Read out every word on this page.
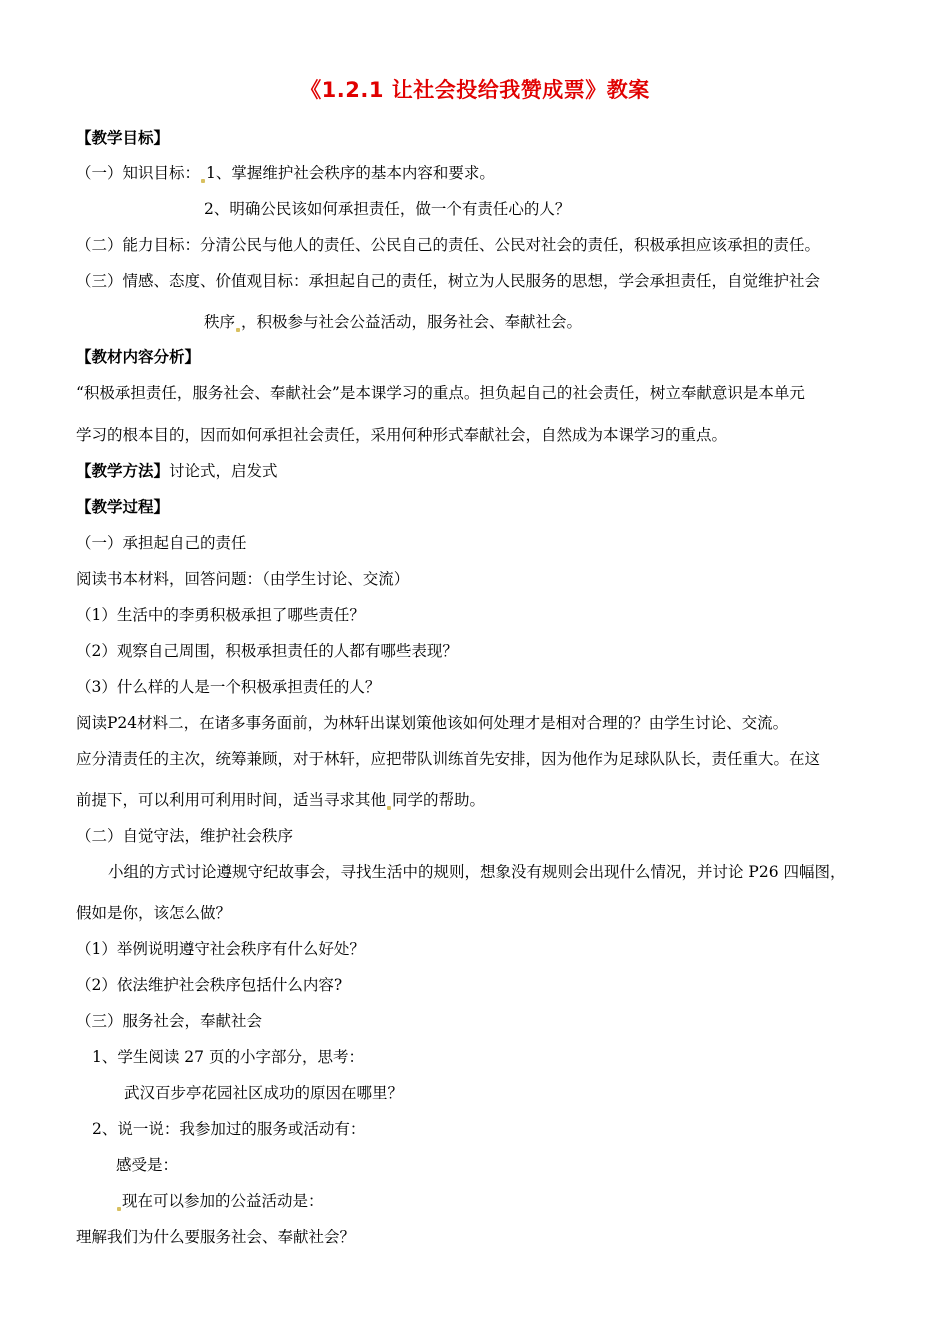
《1.2.1 让社会投给我赞成票》教案
【教学目标】
（一）知识目标： 1、掌握维护社会秩序的基本内容和要求。
2、明确公民该如何承担责任，做一个有责任心的人？
（二）能力目标：分清公民与他人的责任、公民自己的责任、公民对社会的责任，积极承担应该承担的责任。
（三）情感、态度、价值观目标：承担起自己的责任，树立为人民服务的思想，学会承担责任，自觉维护社会
秩序 ，积极参与社会公益活动，服务社会、奉献社会。
【教材内容分析】
“积极承担责任，服务社会、奉献社会”是本课学习的重点。担负起自己的社会责任，树立奉献意识是本单元
学习的根本目的，因而如何承担社会责任，采用何种形式奉献社会，自然成为本课学习的重点。
【教学方法】讨论式，启发式
【教学过程】
（一）承担起自己的责任
阅读书本材料，回答问题：（由学生讨论、交流）
（1）生活中的李勇积极承担了哪些责任？
（2）观察自己周围，积极承担责任的人都有哪些表现？
（3）什么样的人是一个积极承担责任的人？
阅读P24材料二，在诸多事务面前，为林轩出谋划策他该如何处理才是相对合理的？由学生讨论、交流。
应分清责任的主次，统筹兼顾，对于林轩，应把带队训练首先安排，因为他作为足球队队长，责任重大。在这
前提下，可以利用可利用时间，适当寻求其他 同学的帮助。
（二）自觉守法，维护社会秩序
小组的方式讨论遵规守纪故事会，寻找生活中的规则，想象没有规则会出现什么情况，并讨论 P26 四幅图，
假如是你，该怎么做？
（1）举例说明遵守社会秩序有什么好处？
（2）依法维护社会秩序包括什么内容?
（三）服务社会，奉献社会
1、学生阅读 27 页的小字部分，思考：
武汉百步亭花园社区成功的原因在哪里？
2、说一说：我参加过的服务或活动有：
感受是：
现在可以参加的公益活动是：
理解我们为什么要服务社会、奉献社会？
